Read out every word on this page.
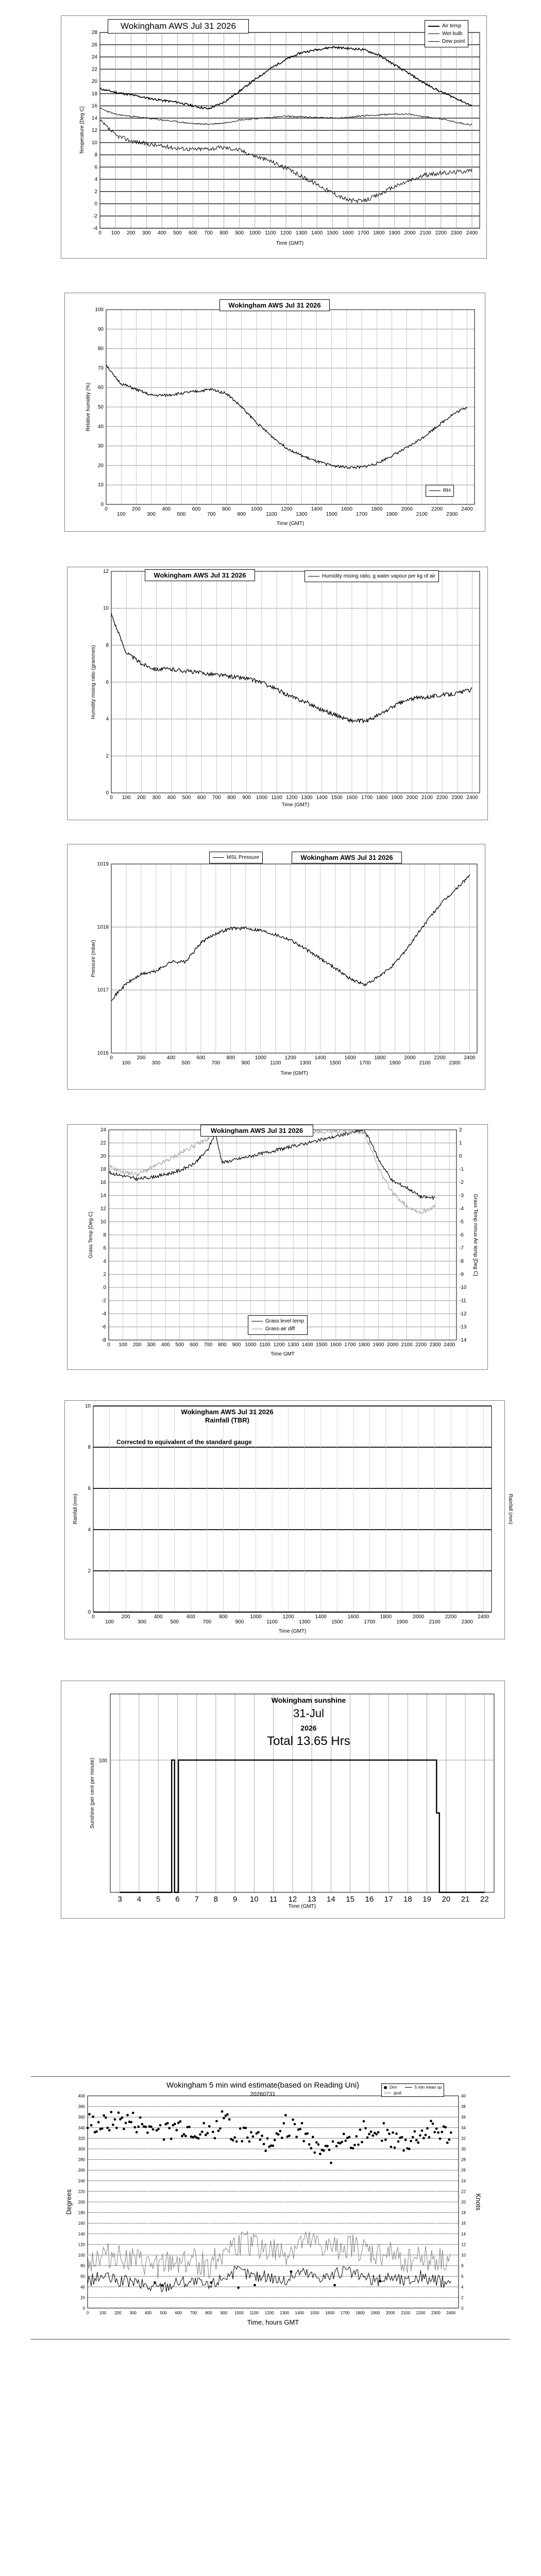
-4
-2
0
2
4
6
8
10
12
14
16
18
20
22
24
26
28
0 100 200 300 400 500 600 700 800 900 1000 1100 1200 1300 1400 1500 1600 1700 1800 1900 2000 2100 2200 2300 2400
Time (GMT)
Temperature [Deg C]
Wokingham AWS Jul 31 2026	Air temp
Wet bulb
Dew point
0
10
20
30
40
50
60
70
80
90
100
0
100
200
300
400
500
600
700
800
900
1000
1100
1200
1300
1400
1500
1600
1700
1800
1900
2000
2100
2200
2300
2400
Time (GMT)
Relative humidity (%)
Wokingham AWS Jul 31 2026
RH
0
2
4
6
8
10
12
0 100 200 300 400 500 600 700 800 900 1000 1100 1200 1300 1400 1500 1600 1700 1800 1900 2000 2100 2200 2300 2400
Time (GMT)
Humidity mixing ratio (grammes)
Wokingham AWS Jul 31 2026	Humidity mixing ratio, g water vapour per kg of air
1016
1017
1018
1019
0
100
200
300
400
500
600
700
800
900
1000
1100
1200
1300
1400
1500
1600
1700
1800
1900
2000
2100
2200
2300
2400
Time (GMT)
Pressure (mbar)
Wokingham AWS Jul 31 2026
MSL Pressure
-8	-14
-6	-13
-4	-12
-2	-11
0	-10
2	-9
4	-8
6	-7
8	-6
10	-5
12	-4
14	-3
16	-2
18	-1
20	0
22	1
24	2
0 100 200 300 400 500 600 700 800 900 1000 1100 1200 1300 1400 1500 1600 1700 1800 1900 2000 2100 2200 2300 2400
Time GMT
Grass Temp [Deg C]	Grass Temp minus Air temp [Deg C]
Wokingham AWS Jul 31 2026
Grass level temp
Grass-air diff
0
2
4
6
8
10
0
100
200
300
400
500
600
700
800
900
1000
1100
1200
1300
1400
1500
1600
1700
1800
1900
2000
2100
2200
2300
2400
Time (GMT)
Rainfall (mm)	Rainfall (mm)
Wokingham AWS Jul 31 2026
Rainfall (TBR)
Corrected to equivalent of the standard gauge
3 4 5 6 7 8 9 10 11 12 13 14 15 16 17 18 19 20 21 22
100
Wokingham sunshine
31-Jul
2026
Total 13.65 Hrs
Time (GMT)
Sunshine (per cent per minute)
0	0
20	2
40	4
60	6
80	8
100	10
120	12
140	14
160	16
180	18
200	20
220	22
240	24
260	26
280	28
300	30
320	32
340	34
360	36
380	38
400	40
0	100 200 300 400 500 600 700 800 900 1000 1100 1200 1300 1400 1500 1600 1700 1800 1900 2000 2100 2200 2300 2400
Wokingham 5 min wind estimate(based on Reading Uni)
20260731
Time, hours GMT
Degrees	Knots
Dirn	5 min mean sp
gust
